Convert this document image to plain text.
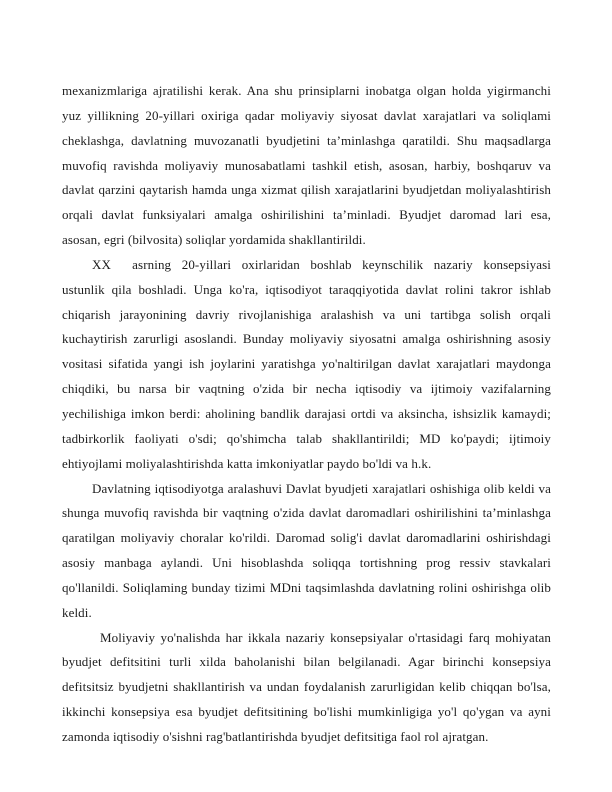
mexanizmlariga ajratilishi kerak. Ana shu prinsiplarni inobatga olgan holda yigirmanchi
yuz yillikning 20-yillari oxiriga qadar moliyaviy siyosat davlat xarajatlari va soliqlami
cheklashga, davlatning muvozanatli byudjetini ta’minlashga qaratildi. Shu maqsadlarga
muvofiq ravishda moliyaviy munosabatlami tashkil etish, asosan, harbiy, boshqaruv va
davlat qarzini qaytarish hamda unga xizmat qilish xarajatlarini byudjetdan moliyalashtirish
orqali davlat funksiyalari amalga oshirilishini ta’minladi. Byudjet daromad lari esa,
asosan, egri (bilvosita) soliqlar yordamida shakllantirildi.
XX  asrning 20-yillari oxirlaridan boshlab keynschilik nazariy konsepsiyasi
ustunlik qila boshladi. Unga ko'ra, iqtisodiyot taraqqiyotida davlat rolini takror ishlab
chiqarish jarayonining davriy rivojlanishiga aralashish va uni tartibga solish orqali
kuchaytirish zarurligi asoslandi. Bunday moliyaviy siyosatni amalga oshirishning asosiy
vositasi sifatida yangi ish joylarini yaratishga yo'naltirilgan davlat xarajatlari maydonga
chiqdiki, bu narsa bir vaqtning o'zida bir necha iqtisodiy va ijtimoiy vazifalarning
yechilishiga imkon berdi: aholining bandlik darajasi ortdi va aksincha, ishsizlik kamaydi;
tadbirkorlik faoliyati o'sdi; qo'shimcha talab shakllantirildi; MD ko'paydi; ijtimoiy
ehtiyojlami moliyalashtirishda katta imkoniyatlar paydo bo'ldi va h.k.
Davlatning iqtisodiyotga aralashuvi Davlat byudjeti xarajatlari oshishiga olib keldi va
shunga muvofiq ravishda bir vaqtning o'zida davlat daromadlari oshirilishini ta’minlashga
qaratilgan moliyaviy choralar ko'rildi. Daromad solig'i davlat daromadlarini oshirishdagi
asosiy manbaga aylandi. Uni hisoblashda soliqqa tortishning prog ressiv stavkalari
qo'llanildi. Soliqlaming bunday tizimi MDni taqsimlashda davlatning rolini oshirishga olib
keldi.
Moliyaviy yo'nalishda har ikkala nazariy konsepsiyalar o'rtasidagi farq mohiyatan
byudjet defitsitini turli xilda baholanishi bilan belgilanadi. Agar birinchi konsepsiya
defitsitsiz byudjetni shakllantirish va undan foydalanish zarurligidan kelib chiqqan bo'lsa,
ikkinchi konsepsiya esa byudjet defitsitining bo'lishi mumkinligiga yo'l qo'ygan va ayni
zamonda iqtisodiy o'sishni rag'batlantirishda byudjet defitsitiga faol rol ajratgan.
